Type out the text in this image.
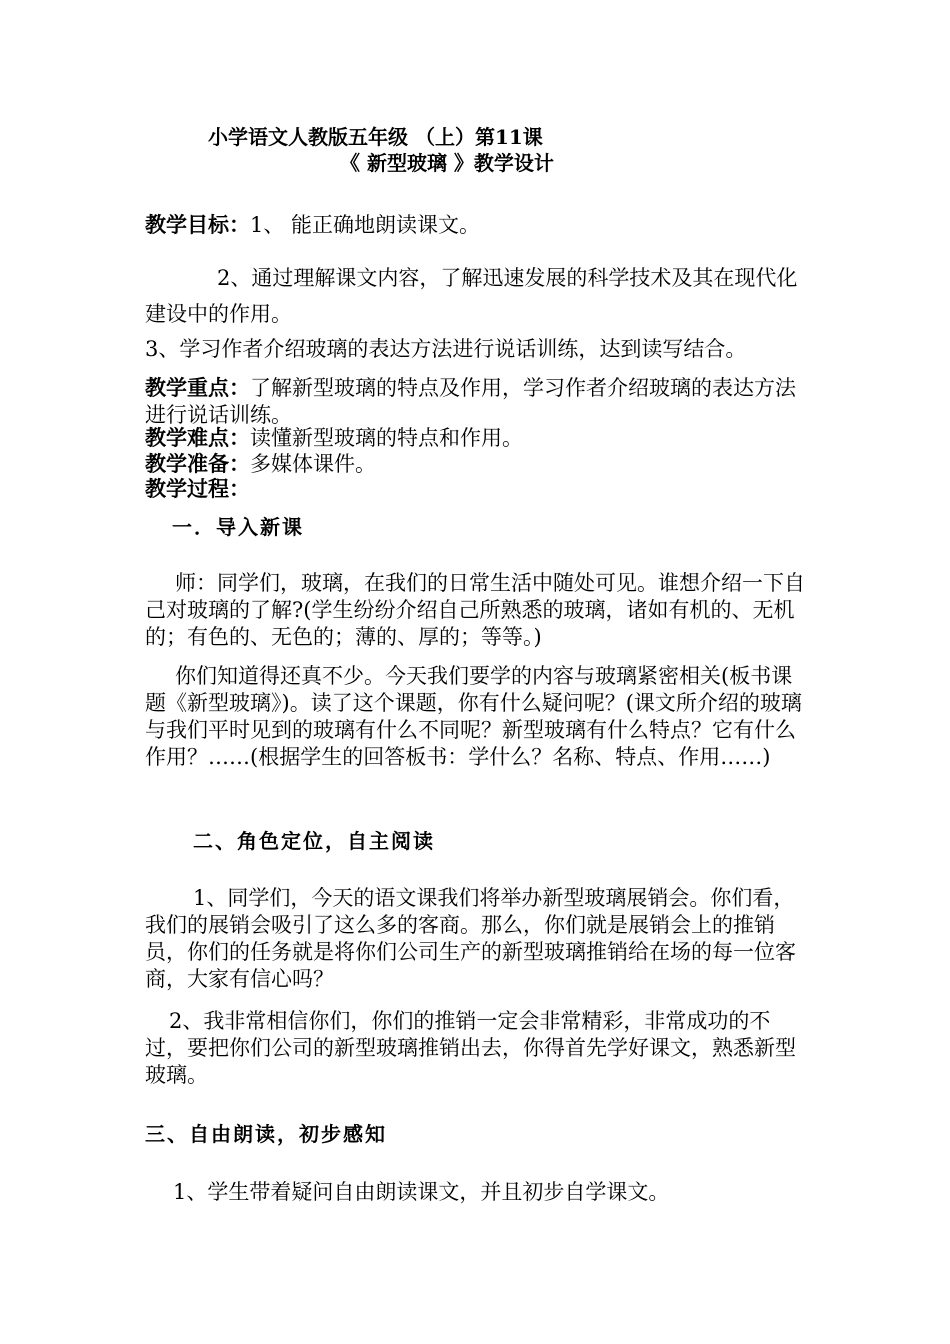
小学语文人教版五年级 （上）第11课
《 新型玻璃 》教学设计
教学目标：1、 能正确地朗读课文。
2、通过理解课文内容，了解迅速发展的科学技术及其在现代化建设中的作用。
3、学习作者介绍玻璃的表达方法进行说话训练，达到读写结合。
教学重点：了解新型玻璃的特点及作用，学习作者介绍玻璃的表达方法进行说话训练。
教学难点：读懂新型玻璃的特点和作用。
教学准备：多媒体课件。
教学过程：
一．导入新课
师：同学们，玻璃，在我们的日常生活中随处可见。谁想介绍一下自己对玻璃的了解?(学生纷纷介绍自己所熟悉的玻璃，诸如有机的、无机的；有色的、无色的；薄的、厚的；等等。)
你们知道得还真不少。今天我们要学的内容与玻璃紧密相关(板书课题《新型玻璃》)。读了这个课题，你有什么疑问呢？(课文所介绍的玻璃与我们平时见到的玻璃有什么不同呢？新型玻璃有什么特点？它有什么作用？……(根据学生的回答板书：学什么？名称、特点、作用……)
二、角色定位，自主阅读
1、同学们，今天的语文课我们将举办新型玻璃展销会。你们看，我们的展销会吸引了这么多的客商。那么，你们就是展销会上的推销员，你们的任务就是将你们公司生产的新型玻璃推销给在场的每一位客商，大家有信心吗？
2、我非常相信你们，你们的推销一定会非常精彩，非常成功的不过，要把你们公司的新型玻璃推销出去，你得首先学好课文，熟悉新型玻璃。
三、自由朗读，初步感知
1、学生带着疑问自由朗读课文，并且初步自学课文。
